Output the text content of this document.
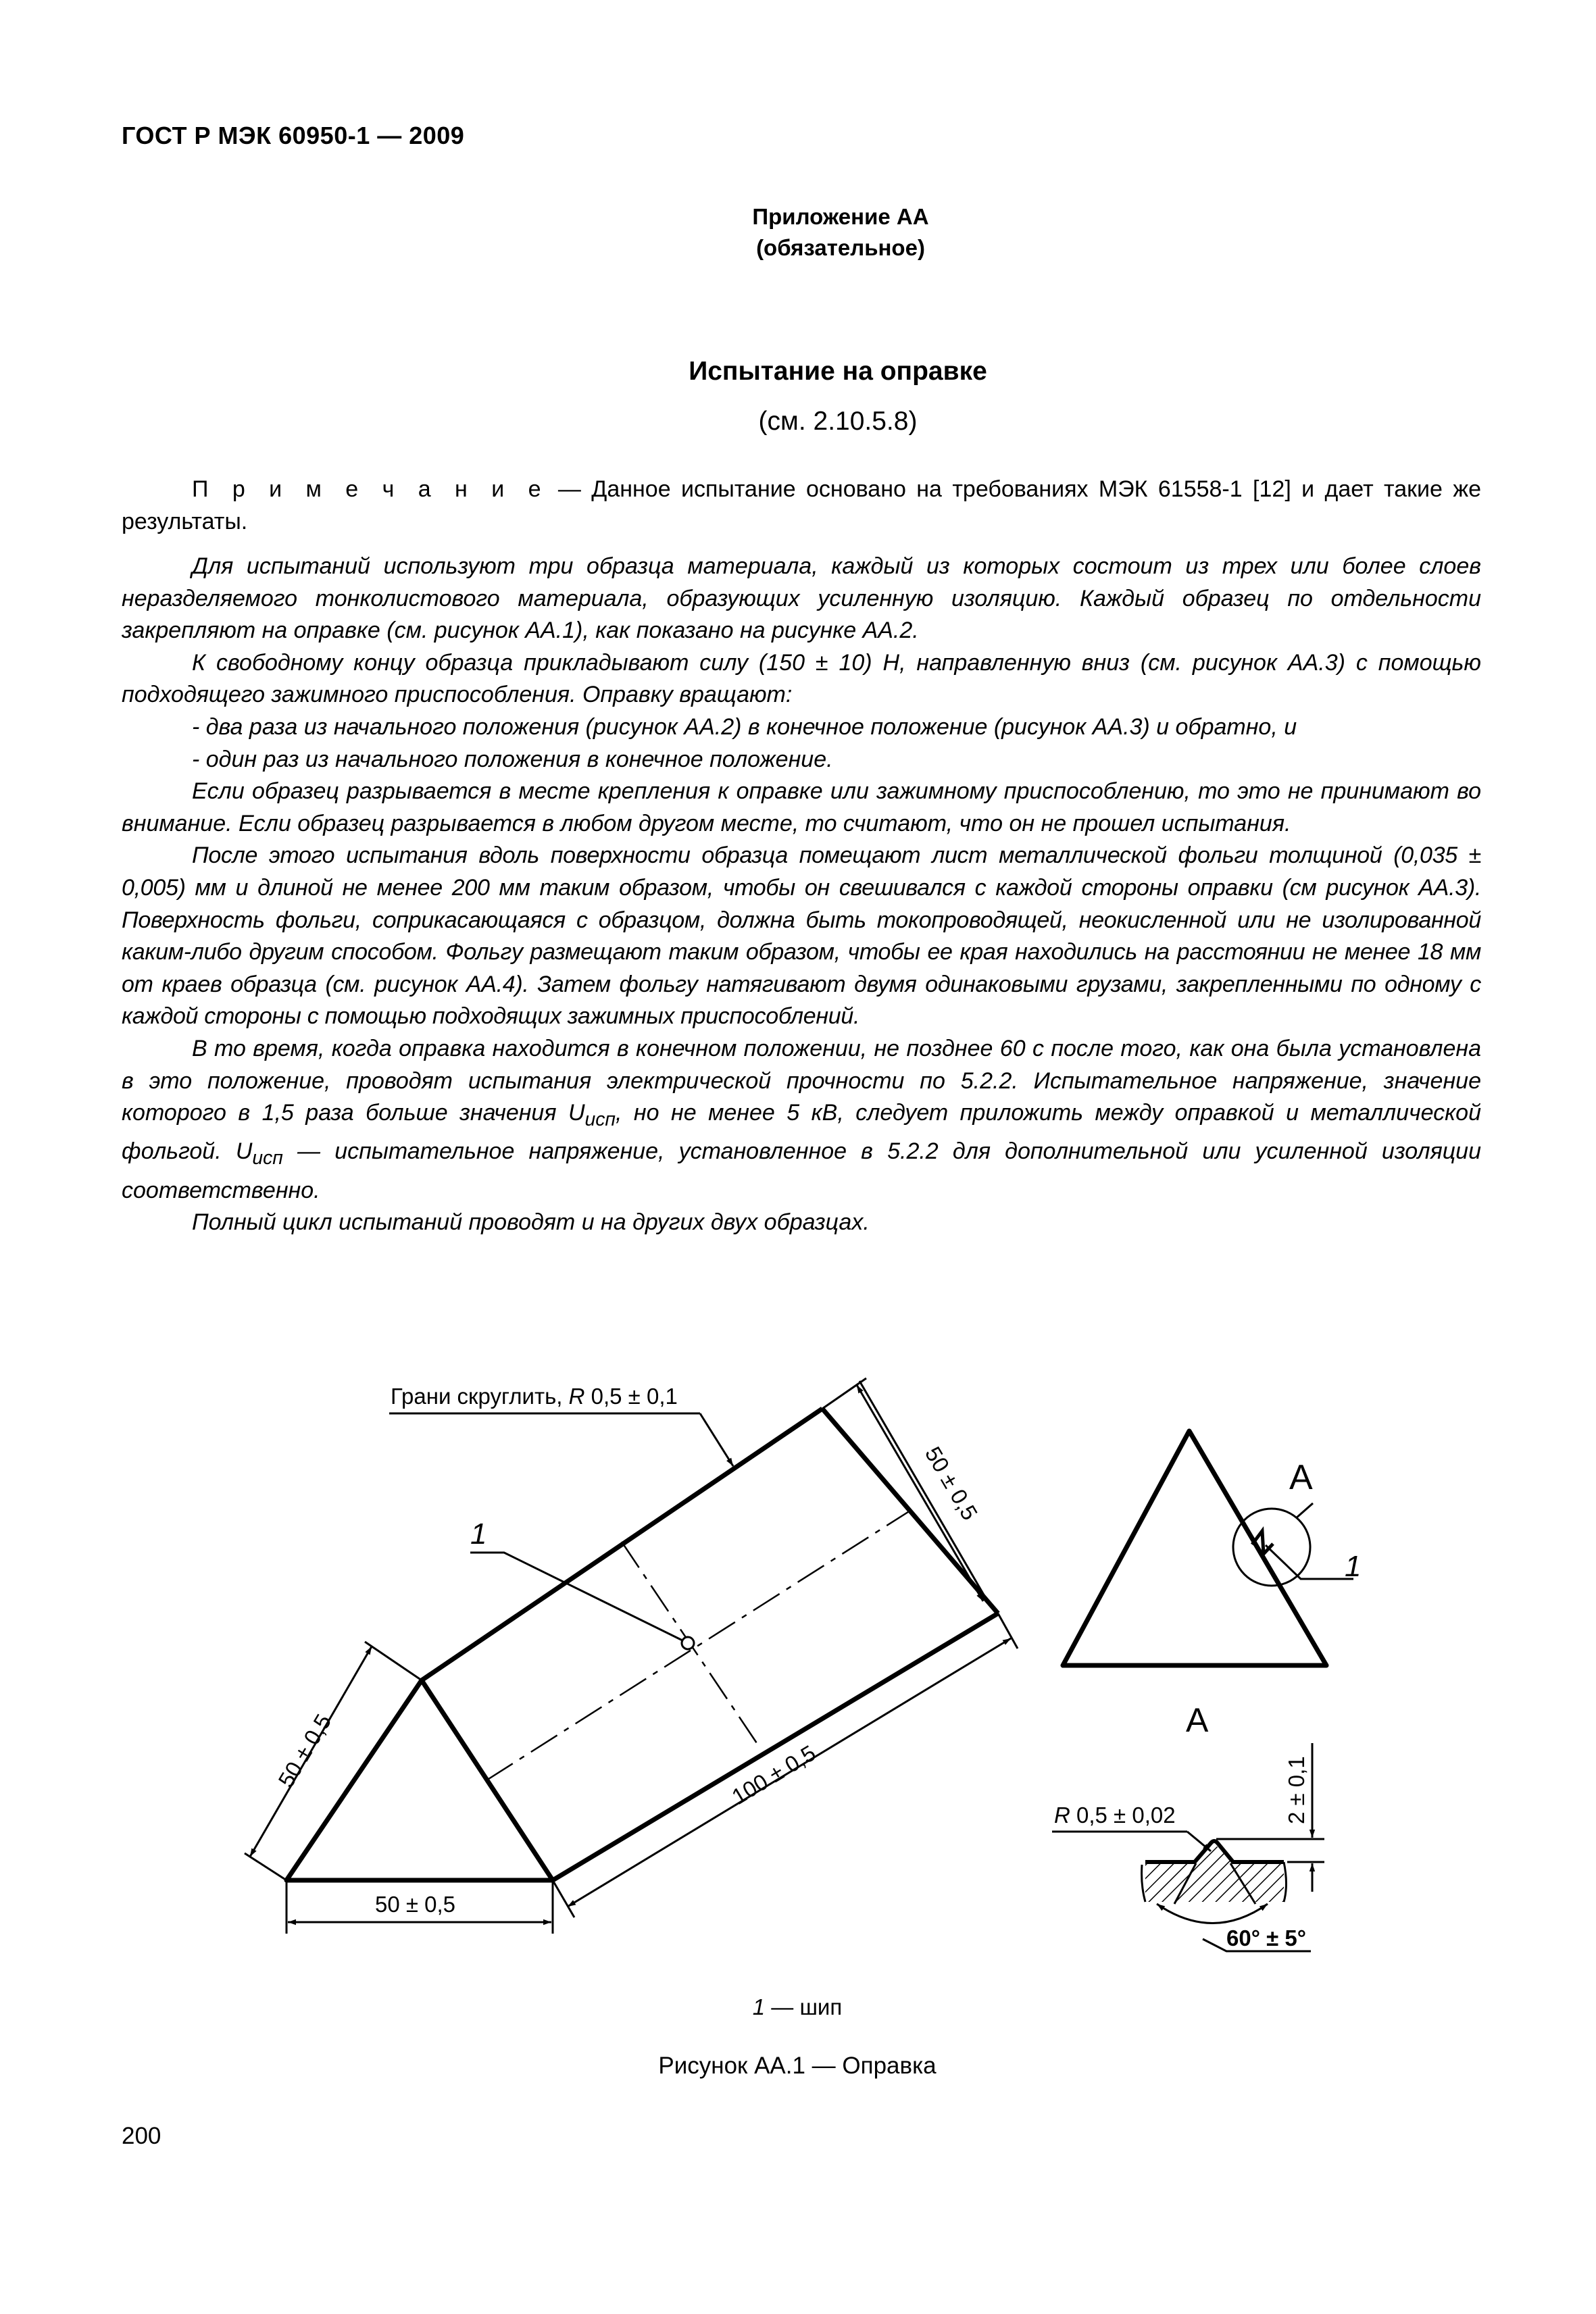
ГОСТ Р МЭК 60950-1 — 2009
Приложение АА
(обязательное)
Испытание на оправке
(см. 2.10.5.8)
П р и м е ч а н и е — Данное испытание основано на требованиях МЭК 61558-1 [12] и дает такие же результаты.

Для испытаний используют три образца материала, каждый из которых состоит из трех или более слоев неразделяемого тонколистового материала, образующих усиленную изоляцию. Каждый образец по отдельности закрепляют на оправке (см. рисунок АА.1), как показано на рисунке АА.2.

К свободному концу образца прикладывают силу (150 ± 10) Н, направленную вниз (см. рисунок АА.3) с помощью подходящего зажимного приспособления. Оправку вращают:

- два раза из начального положения (рисунок АА.2) в конечное положение (рисунок АА.3) и обратно, и

- один раз из начального положения в конечное положение.

Если образец разрывается в месте крепления к оправке или зажимному приспособлению, то это не принимают во внимание. Если образец разрывается в любом другом месте, то считают, что он не прошел испытания.

После этого испытания вдоль поверхности образца помещают лист металлической фольги толщиной (0,035 ± 0,005) мм и длиной не менее 200 мм таким образом, чтобы он свешивался с каждой стороны оправки (см рисунок АА.3). Поверхность фольги, соприкасающаяся с образцом, должна быть токопроводящей, неокисленной или не изолированной каким-либо другим способом. Фольгу размещают таким образом, чтобы ее края находились на расстоянии не менее 18 мм от краев образца (см. рисунок АА.4). Затем фольгу натягивают двумя одинаковыми грузами, закрепленными по одному с каждой стороны с помощью подходящих зажимных приспособлений.

В то время, когда оправка находится в конечном положении, не позднее 60 с после того, как она была установлена в это положение, проводят испытания электрической прочности по 5.2.2. Испытательное напряжение, значение которого в 1,5 раза больше значения $U_{исп}$, но не менее 5 кВ, следует приложить между оправкой и металлической фольгой. $U_{исп}$ — испытательное напряжение, установленное в 5.2.2 для дополнительной или усиленной изоляции соответственно.

Полный цикл испытаний проводят и на других двух образцах.

1
Грани скруглить, R 0,5 ± 0,1
50 ± 0,5
50 ± 0,5
50 ± 0,5
100 ± 0,5
А
1
А
R 0,5 ± 0,02	2 ± 0,1
60° ± 5°
1 — шип
Рисунок АА.1 — Оправка
200
